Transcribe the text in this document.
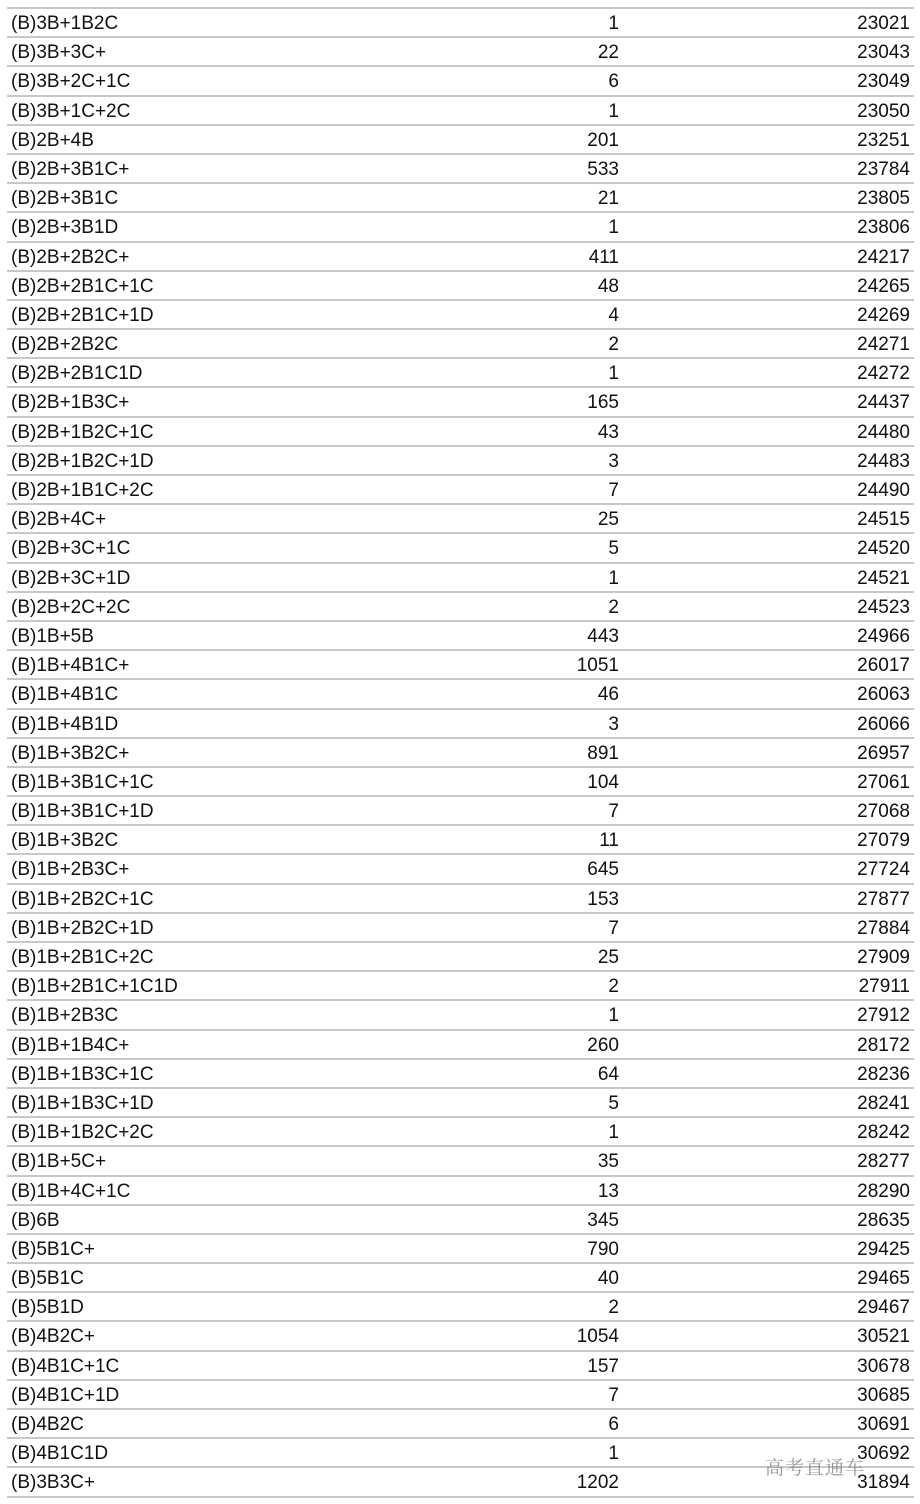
(B)3B+1B2C	1	23021
(B)3B+3C+	22	23043
(B)3B+2C+1C	6	23049
(B)3B+1C+2C	1	23050
(B)2B+4B	201	23251
(B)2B+3B1C+	533	23784
(B)2B+3B1C	21	23805
(B)2B+3B1D	1	23806
(B)2B+2B2C+	411	24217
(B)2B+2B1C+1C	48	24265
(B)2B+2B1C+1D	4	24269
(B)2B+2B2C	2	24271
(B)2B+2B1C1D	1	24272
(B)2B+1B3C+	165	24437
(B)2B+1B2C+1C	43	24480
(B)2B+1B2C+1D	3	24483
(B)2B+1B1C+2C	7	24490
(B)2B+4C+	25	24515
(B)2B+3C+1C	5	24520
(B)2B+3C+1D	1	24521
(B)2B+2C+2C	2	24523
(B)1B+5B	443	24966
(B)1B+4B1C+	1051	26017
(B)1B+4B1C	46	26063
(B)1B+4B1D	3	26066
(B)1B+3B2C+	891	26957
(B)1B+3B1C+1C	104	27061
(B)1B+3B1C+1D	7	27068
(B)1B+3B2C	11	27079
(B)1B+2B3C+	645	27724
(B)1B+2B2C+1C	153	27877
(B)1B+2B2C+1D	7	27884
(B)1B+2B1C+2C	25	27909
(B)1B+2B1C+1C1D	2	27911
(B)1B+2B3C	1	27912
(B)1B+1B4C+	260	28172
(B)1B+1B3C+1C	64	28236
(B)1B+1B3C+1D	5	28241
(B)1B+1B2C+2C	1	28242
(B)1B+5C+	35	28277
(B)1B+4C+1C	13	28290
(B)6B	345	28635
(B)5B1C+	790	29425
(B)5B1C	40	29465
(B)5B1D	2	29467
(B)4B2C+	1054	30521
(B)4B1C+1C	157	30678
(B)4B1C+1D	7	30685
(B)4B2C	6	30691
(B)4B1C1D	1	30692
(B)3B3C+	1202	31894
高考直通车
